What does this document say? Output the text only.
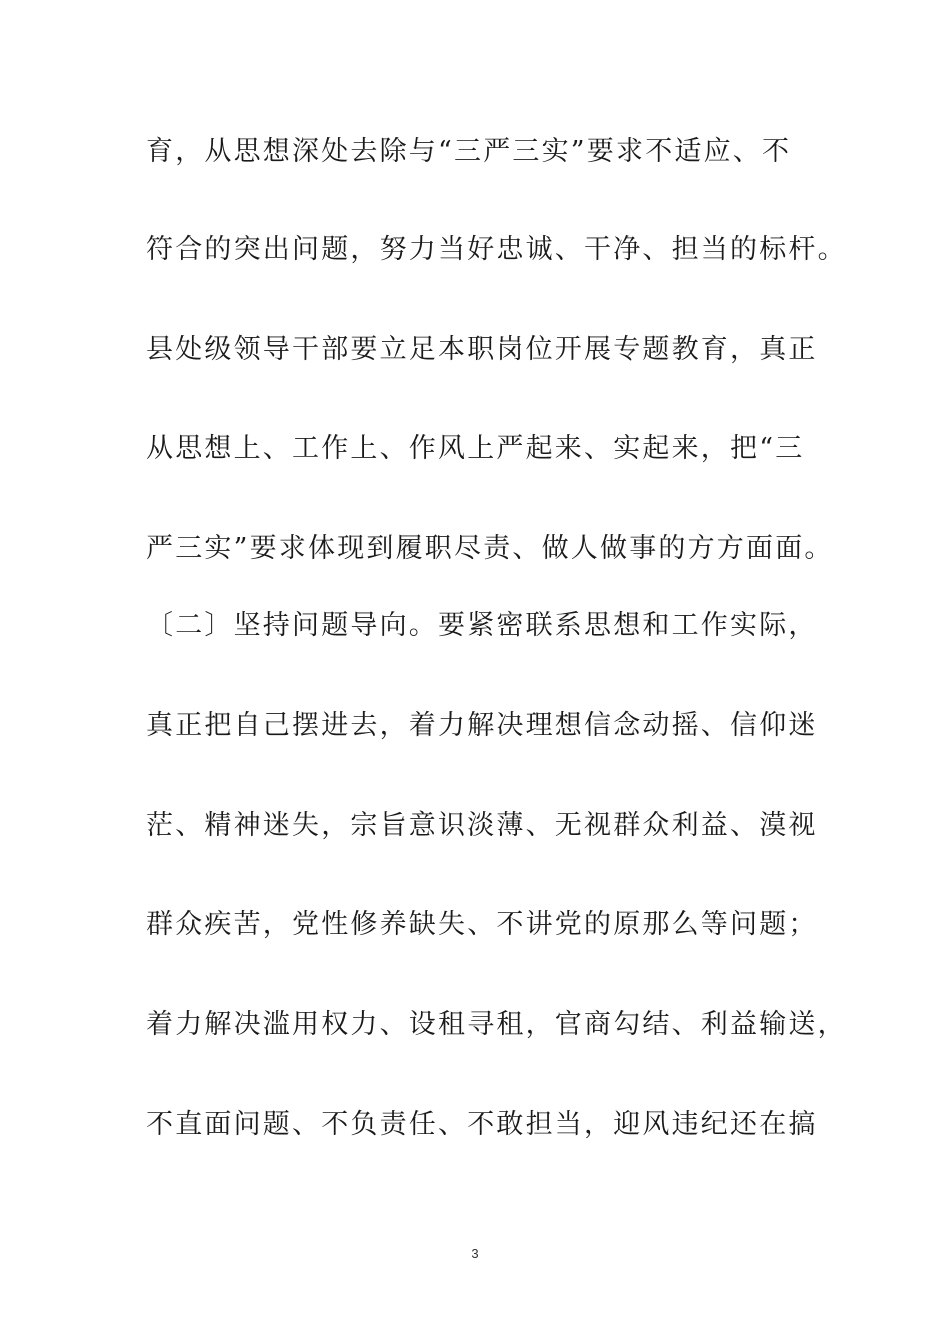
育，从思想深处去除与“三严三实”要求不适应、不
符合的突出问题，努力当好忠诚、干净、担当的标杆。
县处级领导干部要立足本职岗位开展专题教育，真正
从思想上、工作上、作风上严起来、实起来，把“三
严三实”要求体现到履职尽责、做人做事的方方面面。
〔二〕坚持问题导向。要紧密联系思想和工作实际，
真正把自己摆进去，着力解决理想信念动摇、信仰迷
茫、精神迷失，宗旨意识淡薄、无视群众利益、漠视
群众疾苦，党性修养缺失、不讲党的原那么等问题；
着力解决滥用权力、设租寻租，官商勾结、利益输送，
不直面问题、不负责任、不敢担当，迎风违纪还在搞
3
